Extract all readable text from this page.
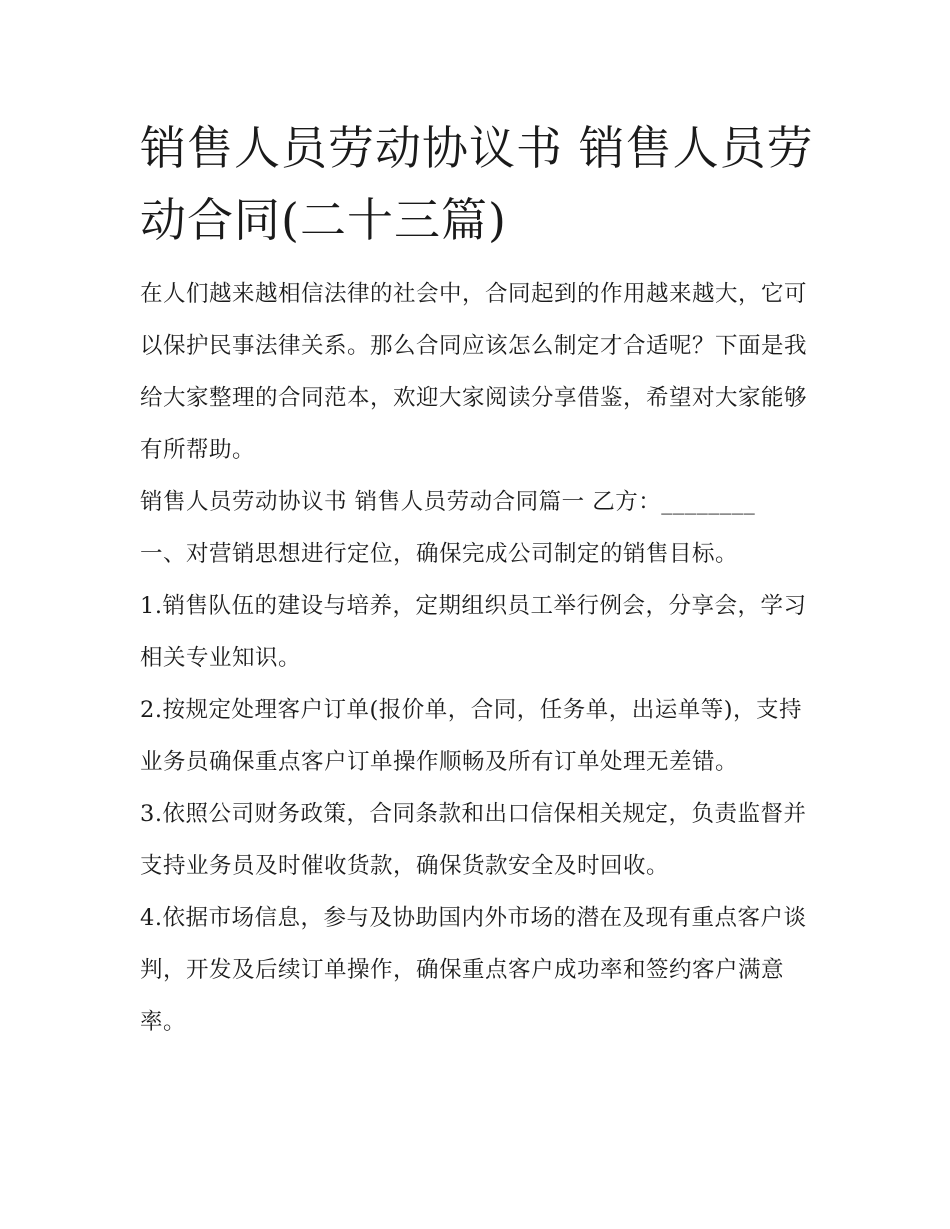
销售人员劳动协议书 销售人员劳动合同(二十三篇)

在人们越来越相信法律的社会中，合同起到的作用越来越大，它可以保护民事法律关系。那么合同应该怎么制定才合适呢？下面是我给大家整理的合同范本，欢迎大家阅读分享借鉴，希望对大家能够有所帮助。

销售人员劳动协议书 销售人员劳动合同篇一 乙方：________

一、对营销思想进行定位，确保完成公司制定的销售目标。

1.销售队伍的建设与培养，定期组织员工举行例会，分享会，学习相关专业知识。

2.按规定处理客户订单(报价单，合同，任务单，出运单等)，支持业务员确保重点客户订单操作顺畅及所有订单处理无差错。

3.依照公司财务政策，合同条款和出口信保相关规定，负责监督并支持业务员及时催收货款，确保货款安全及时回收。

4.依据市场信息，参与及协助国内外市场的潜在及现有重点客户谈判，开发及后续订单操作，确保重点客户成功率和签约客户满意率。
